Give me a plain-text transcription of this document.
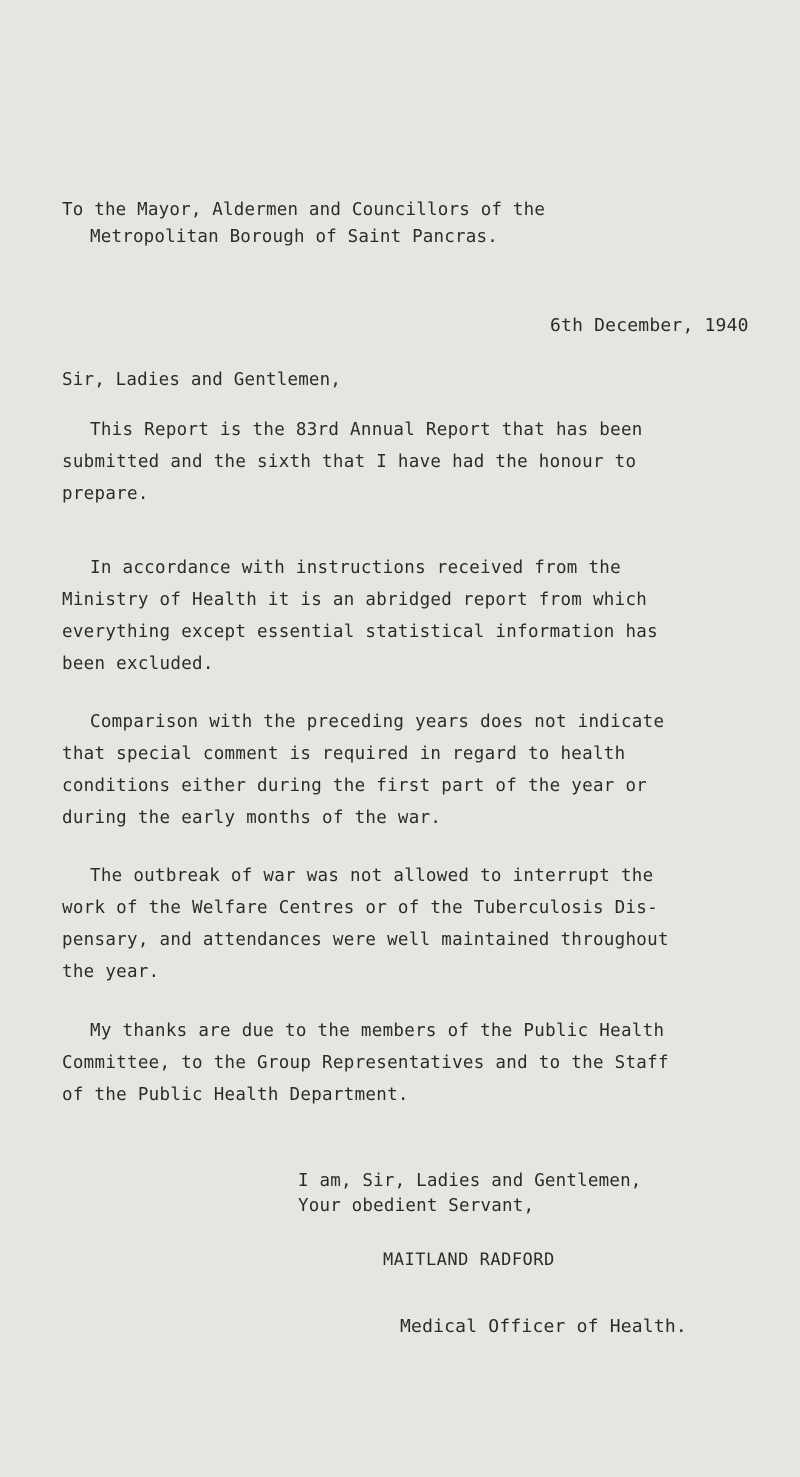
To the Mayor, Aldermen and Councillors of the
Metropolitan Borough of Saint Pancras.
6th December, 1940
Sir, Ladies and Gentlemen,
This Report is the 83rd Annual Report that has been
submitted and the sixth that I have had the honour to
prepare.
In accordance with instructions received from the
Ministry of Health it is an abridged report from which
everything except essential statistical information has
been excluded.
Comparison with the preceding years does not indicate
that special comment is required in regard to health
conditions either during the first part of the year or
during the early months of the war.
The outbreak of war was not allowed to interrupt the
work of the Welfare Centres or of the Tuberculosis Dis-
pensary, and attendances were well maintained throughout
the year.
My thanks are due to the members of the Public Health
Committee, to the Group Representatives and to the Staff
of the Public Health Department.
I am, Sir, Ladies and Gentlemen,
Your obedient Servant,
MAITLAND RADFORD
Medical Officer of Health.
